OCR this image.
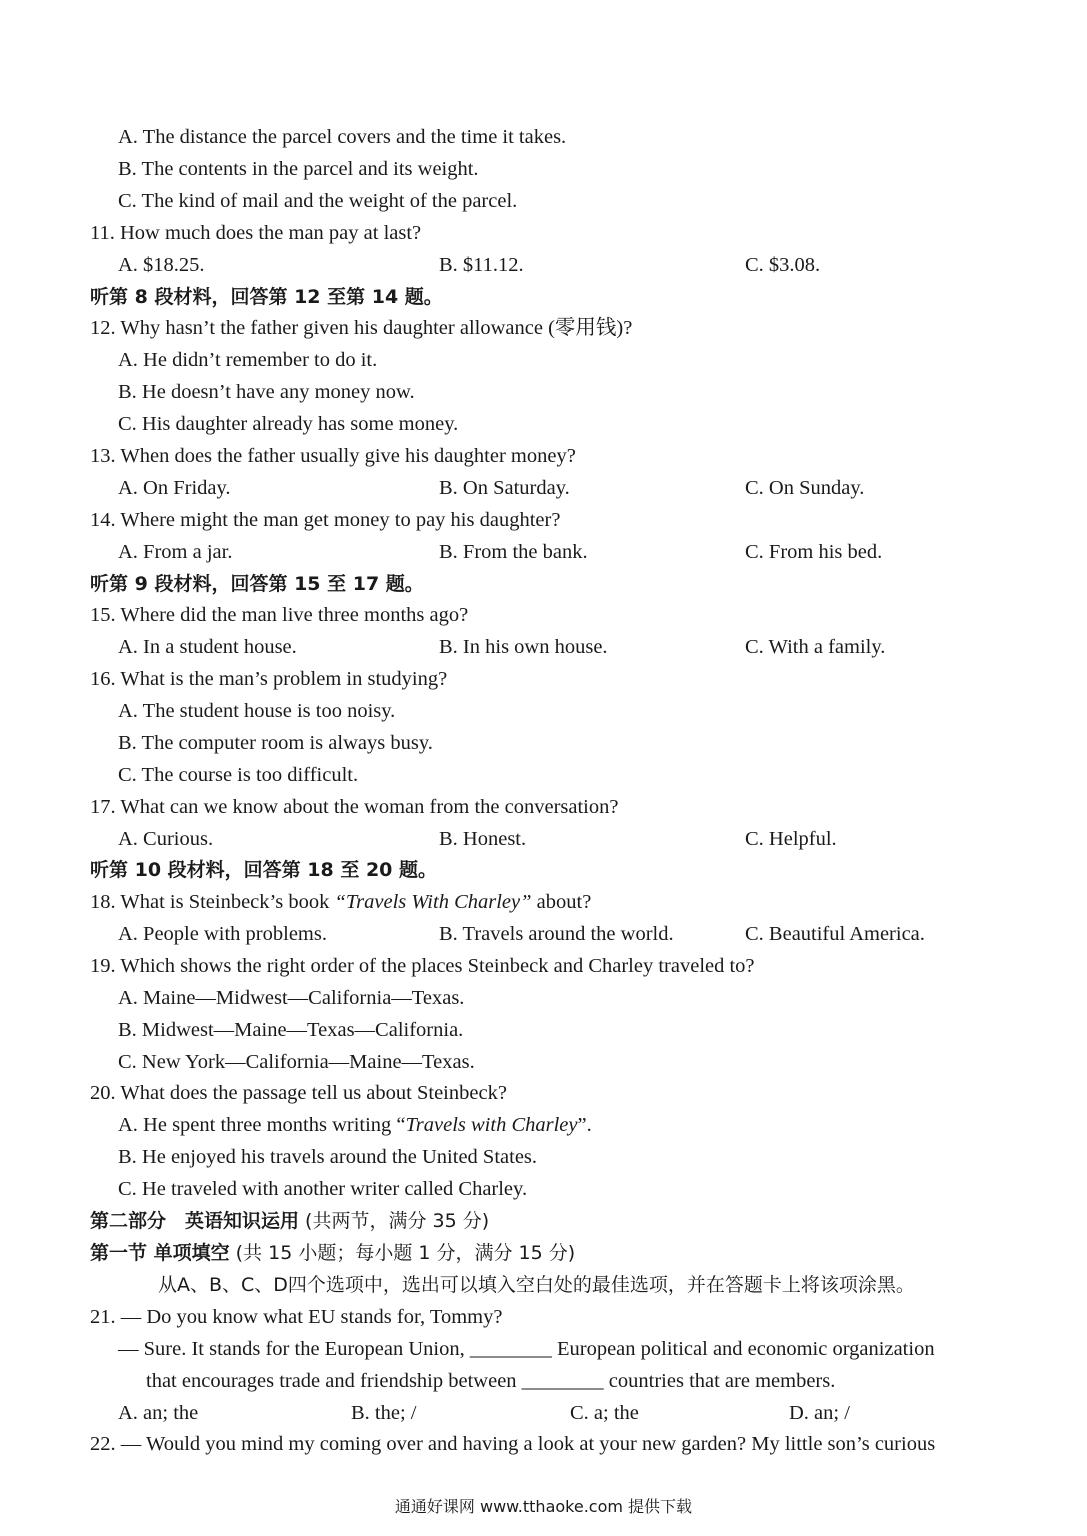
A. The distance the parcel covers and the time it takes.
B. The contents in the parcel and its weight.
C. The kind of mail and the weight of the parcel.
11. How much does the man pay at last?
A. $18.25.	B. $11.12.	C. $3.08.
听第 8 段材料，回答第 12 至第 14 题。
12. Why hasn’t the father given his daughter allowance (零用钱)?
A. He didn’t remember to do it.
B. He doesn’t have any money now.
C. His daughter already has some money.
13. When does the father usually give his daughter money?
A. On Friday.	B. On Saturday.	C. On Sunday.
14. Where might the man get money to pay his daughter?
A. From a jar.	B. From the bank.	C. From his bed.
听第 9 段材料，回答第 15 至 17 题。
15. Where did the man live three months ago?
A. In a student house.	B. In his own house.	C. With a family.
16. What is the man’s problem in studying?
A. The student house is too noisy.
B. The computer room is always busy.
C. The course is too difficult.
17. What can we know about the woman from the conversation?
A. Curious.	B. Honest.	C. Helpful.
听第 10 段材料，回答第 18 至 20 题。
18. What is Steinbeck’s book “Travels With Charley” about?
A. People with problems.	B. Travels around the world.	C. Beautiful America.
19. Which shows the right order of the places Steinbeck and Charley traveled to?
A. Maine—Midwest—California—Texas.
B. Midwest—Maine—Texas—California.
C. New York—California—Maine—Texas.
20. What does the passage tell us about Steinbeck?
A. He spent three months writing “Travels with Charley”.
B. He enjoyed his travels around the United States.
C. He traveled with another writer called Charley.
第二部分　英语知识运用 (共两节，满分 35 分)
第一节 单项填空 (共 15 小题；每小题 1 分，满分 15 分)
从A、B、C、D四个选项中，选出可以填入空白处的最佳选项，并在答题卡上将该项涂黑。
21. — Do you know what EU stands for, Tommy?
— Sure. It stands for the European Union, ________ European political and economic organization
that encourages trade and friendship between ________ countries that are members.
A. an; the	B. the; /	C. a; the	D. an; /
22. — Would you mind my coming over and having a look at your new garden? My little son’s curious
通通好课网 www.tthaoke.com 提供下载
